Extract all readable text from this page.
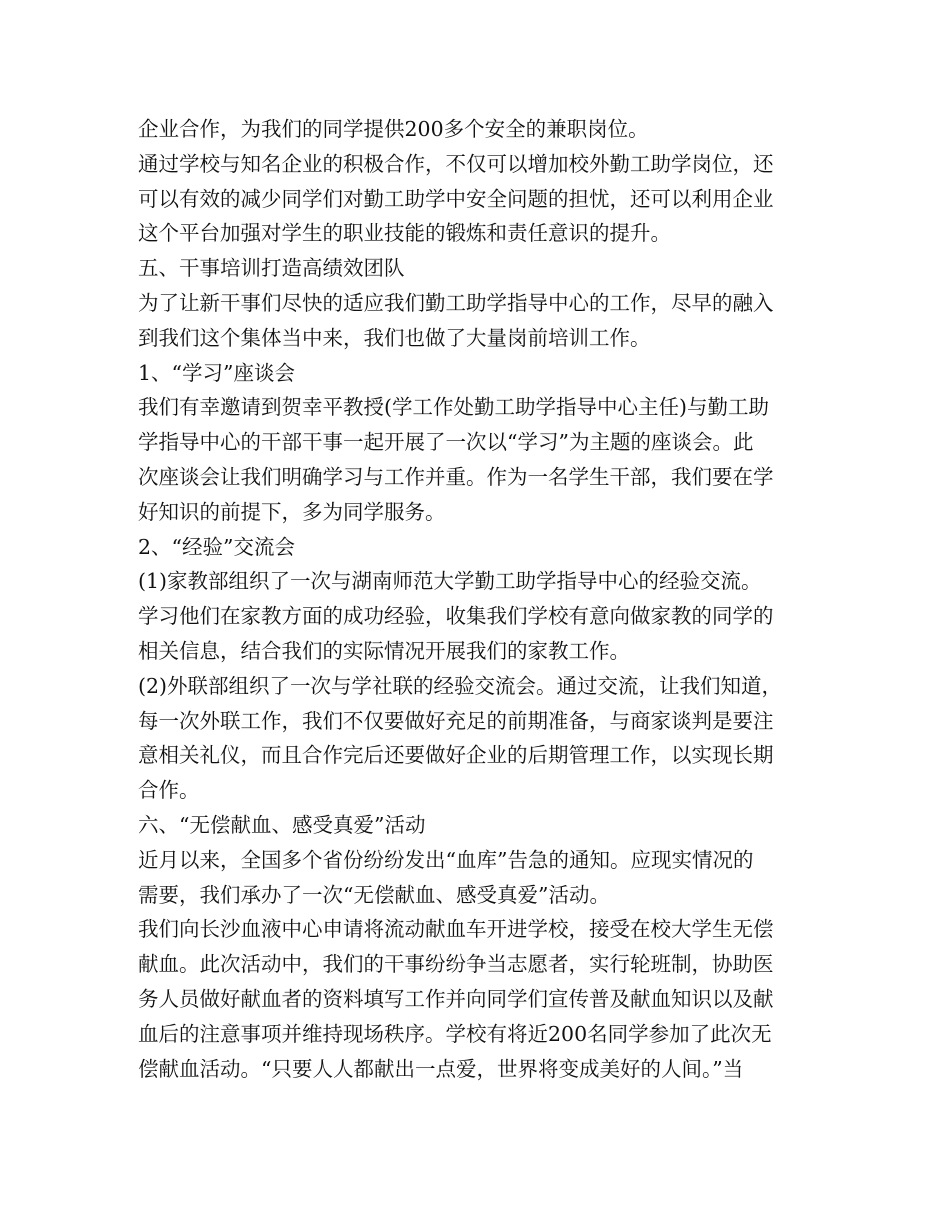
企业合作，为我们的同学提供200多个安全的兼职岗位。
通过学校与知名企业的积极合作，不仅可以增加校外勤工助学岗位，还
可以有效的减少同学们对勤工助学中安全问题的担忧，还可以利用企业
这个平台加强对学生的职业技能的锻炼和责任意识的提升。
五、干事培训打造高绩效团队
为了让新干事们尽快的适应我们勤工助学指导中心的工作，尽早的融入
到我们这个集体当中来，我们也做了大量岗前培训工作。
1、“学习”座谈会
我们有幸邀请到贺幸平教授(学工作处勤工助学指导中心主任)与勤工助
学指导中心的干部干事一起开展了一次以“学习”为主题的座谈会。此
次座谈会让我们明确学习与工作并重。作为一名学生干部，我们要在学
好知识的前提下，多为同学服务。
2、“经验”交流会
(1)家教部组织了一次与湖南师范大学勤工助学指导中心的经验交流。
学习他们在家教方面的成功经验，收集我们学校有意向做家教的同学的
相关信息，结合我们的实际情况开展我们的家教工作。
(2)外联部组织了一次与学社联的经验交流会。通过交流，让我们知道，
每一次外联工作，我们不仅要做好充足的前期准备，与商家谈判是要注
意相关礼仪，而且合作完后还要做好企业的后期管理工作，以实现长期
合作。
六、“无偿献血、感受真爱”活动
近月以来，全国多个省份纷纷发出“血库”告急的通知。应现实情况的
需要，我们承办了一次“无偿献血、感受真爱”活动。
我们向长沙血液中心申请将流动献血车开进学校，接受在校大学生无偿
献血。此次活动中，我们的干事纷纷争当志愿者，实行轮班制，协助医
务人员做好献血者的资料填写工作并向同学们宣传普及献血知识以及献
血后的注意事项并维持现场秩序。学校有将近200名同学参加了此次无
偿献血活动。“只要人人都献出一点爱，世界将变成美好的人间。”当
